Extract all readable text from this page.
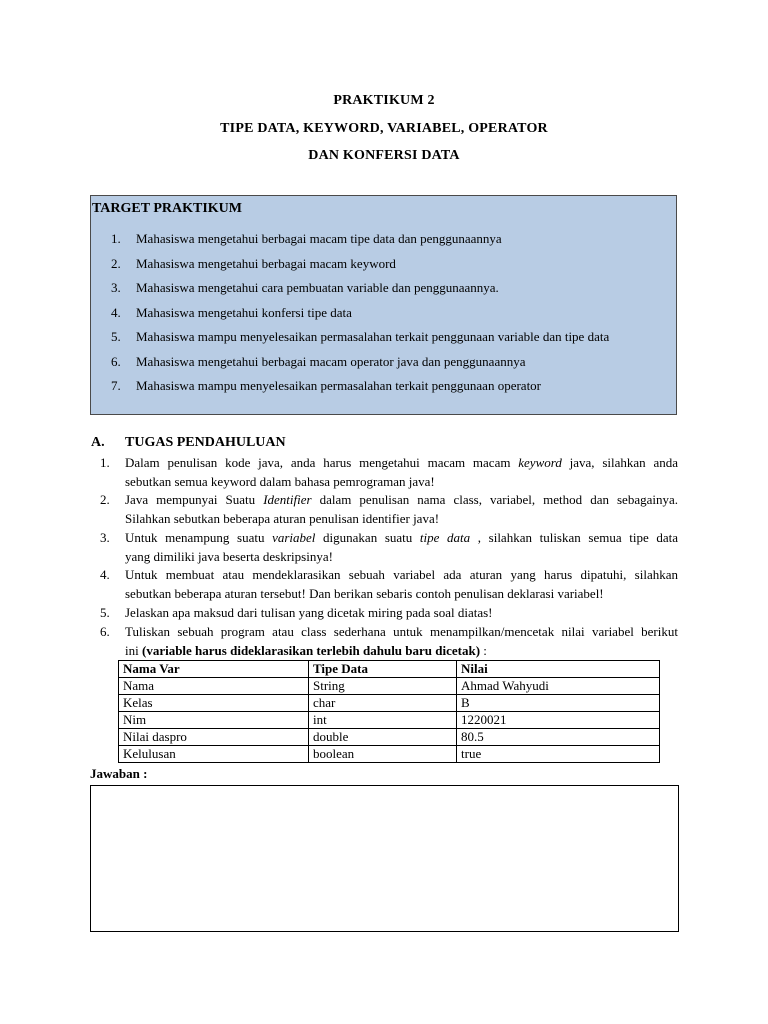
PRAKTIKUM 2
TIPE DATA, KEYWORD, VARIABEL, OPERATOR
DAN KONFERSI DATA
TARGET PRAKTIKUM
1.	Mahasiswa mengetahui berbagai macam tipe data dan penggunaannya
2.	Mahasiswa mengetahui berbagai macam keyword
3.	Mahasiswa mengetahui cara pembuatan variable dan penggunaannya.
4.	Mahasiswa mengetahui konfersi tipe data
5.	Mahasiswa mampu menyelesaikan permasalahan terkait penggunaan variable dan tipe data
6.	Mahasiswa mengetahui berbagai macam operator java dan penggunaannya
7.	Mahasiswa mampu menyelesaikan permasalahan terkait penggunaan operator
A. TUGAS PENDAHULUAN
1. Dalam penulisan kode java, anda harus mengetahui macam macam keyword java, silahkan anda
sebutkan semua keyword dalam bahasa pemrograman java!
2. Java mempunyai Suatu Identifier dalam penulisan nama class, variabel, method dan sebagainya.
Silahkan sebutkan beberapa aturan penulisan identifier java!
3. Untuk menampung suatu variabel digunakan suatu tipe data , silahkan tuliskan semua tipe data
yang dimiliki java beserta deskripsinya!
4. Untuk membuat atau mendeklarasikan sebuah variabel ada aturan yang harus dipatuhi, silahkan
sebutkan beberapa aturan tersebut! Dan berikan sebaris contoh penulisan deklarasi variabel!
5. Jelaskan apa maksud dari tulisan yang dicetak miring pada soal diatas!
6. Tuliskan sebuah program atau class sederhana untuk menampilkan/mencetak nilai variabel berikut
ini (variable harus dideklarasikan terlebih dahulu baru dicetak) :
Nama Var	Tipe Data	Nilai
Nama	String	Ahmad Wahyudi
Kelas	char	B
Nim	int	1220021
Nilai daspro	double	80.5
Kelulusan	boolean	true
Jawaban :
